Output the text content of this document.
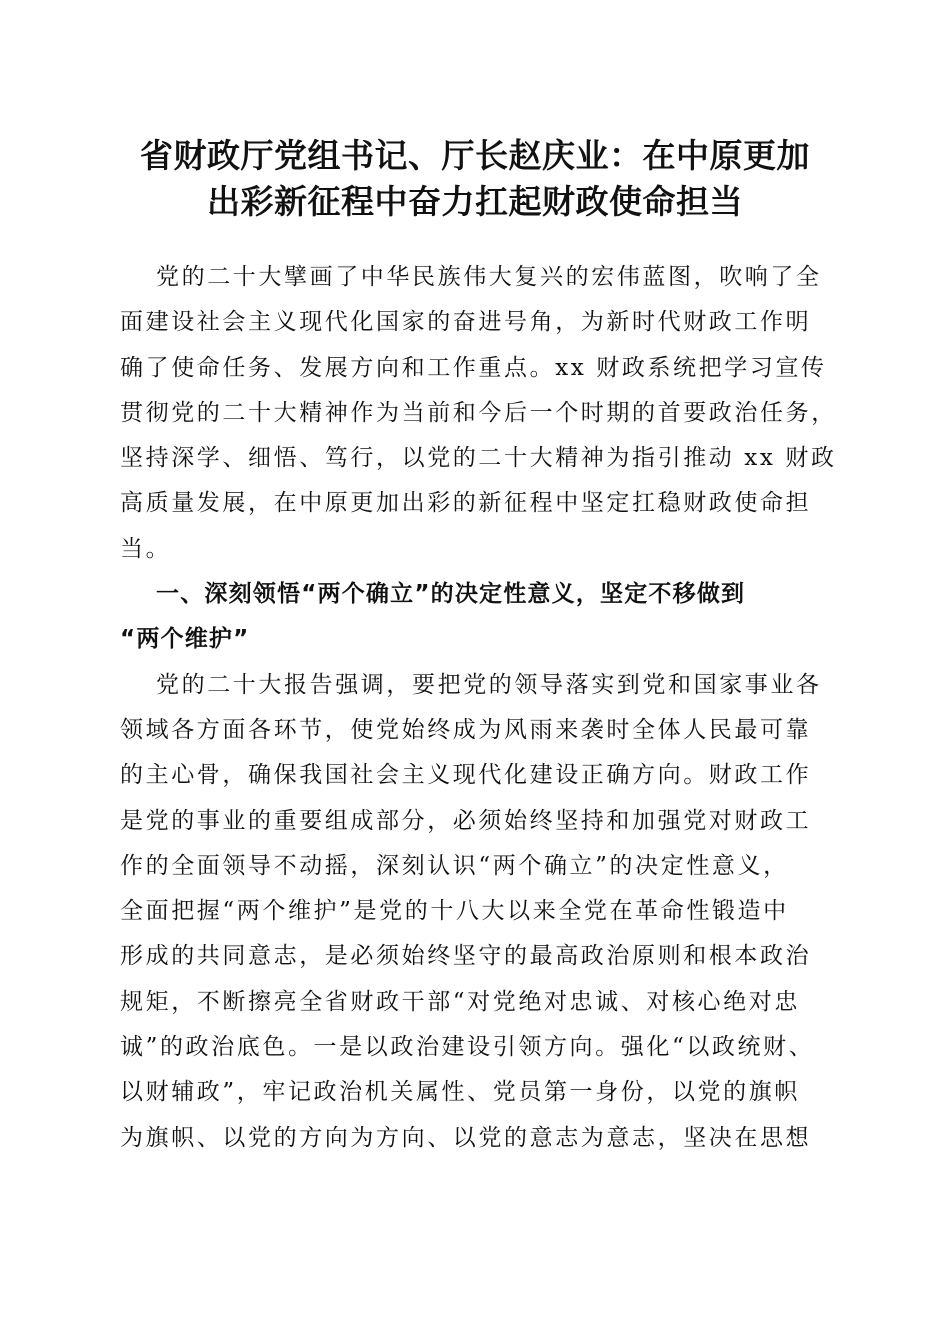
省财政厅党组书记、厅长赵庆业：在中原更加
出彩新征程中奋力扛起财政使命担当
党的二十大擘画了中华民族伟大复兴的宏伟蓝图，吹响了全
面建设社会主义现代化国家的奋进号角，为新时代财政工作明
确了使命任务、发展方向和工作重点。xx 财政系统把学习宣传
贯彻党的二十大精神作为当前和今后一个时期的首要政治任务，
坚持深学、细悟、笃行，以党的二十大精神为指引推动 xx 财政
高质量发展，在中原更加出彩的新征程中坚定扛稳财政使命担
当。
一、深刻领悟“两个确立”的决定性意义，坚定不移做到
“两个维护”
党的二十大报告强调，要把党的领导落实到党和国家事业各
领域各方面各环节，使党始终成为风雨来袭时全体人民最可靠
的主心骨，确保我国社会主义现代化建设正确方向。财政工作
是党的事业的重要组成部分，必须始终坚持和加强党对财政工
作的全面领导不动摇，深刻认识“两个确立”的决定性意义，
全面把握“两个维护”是党的十八大以来全党在革命性锻造中
形成的共同意志，是必须始终坚守的最高政治原则和根本政治
规矩，不断擦亮全省财政干部“对党绝对忠诚、对核心绝对忠
诚”的政治底色。一是以政治建设引领方向。强化“以政统财、
以财辅政”，牢记政治机关属性、党员第一身份，以党的旗帜
为旗帜、以党的方向为方向、以党的意志为意志，坚决在思想
